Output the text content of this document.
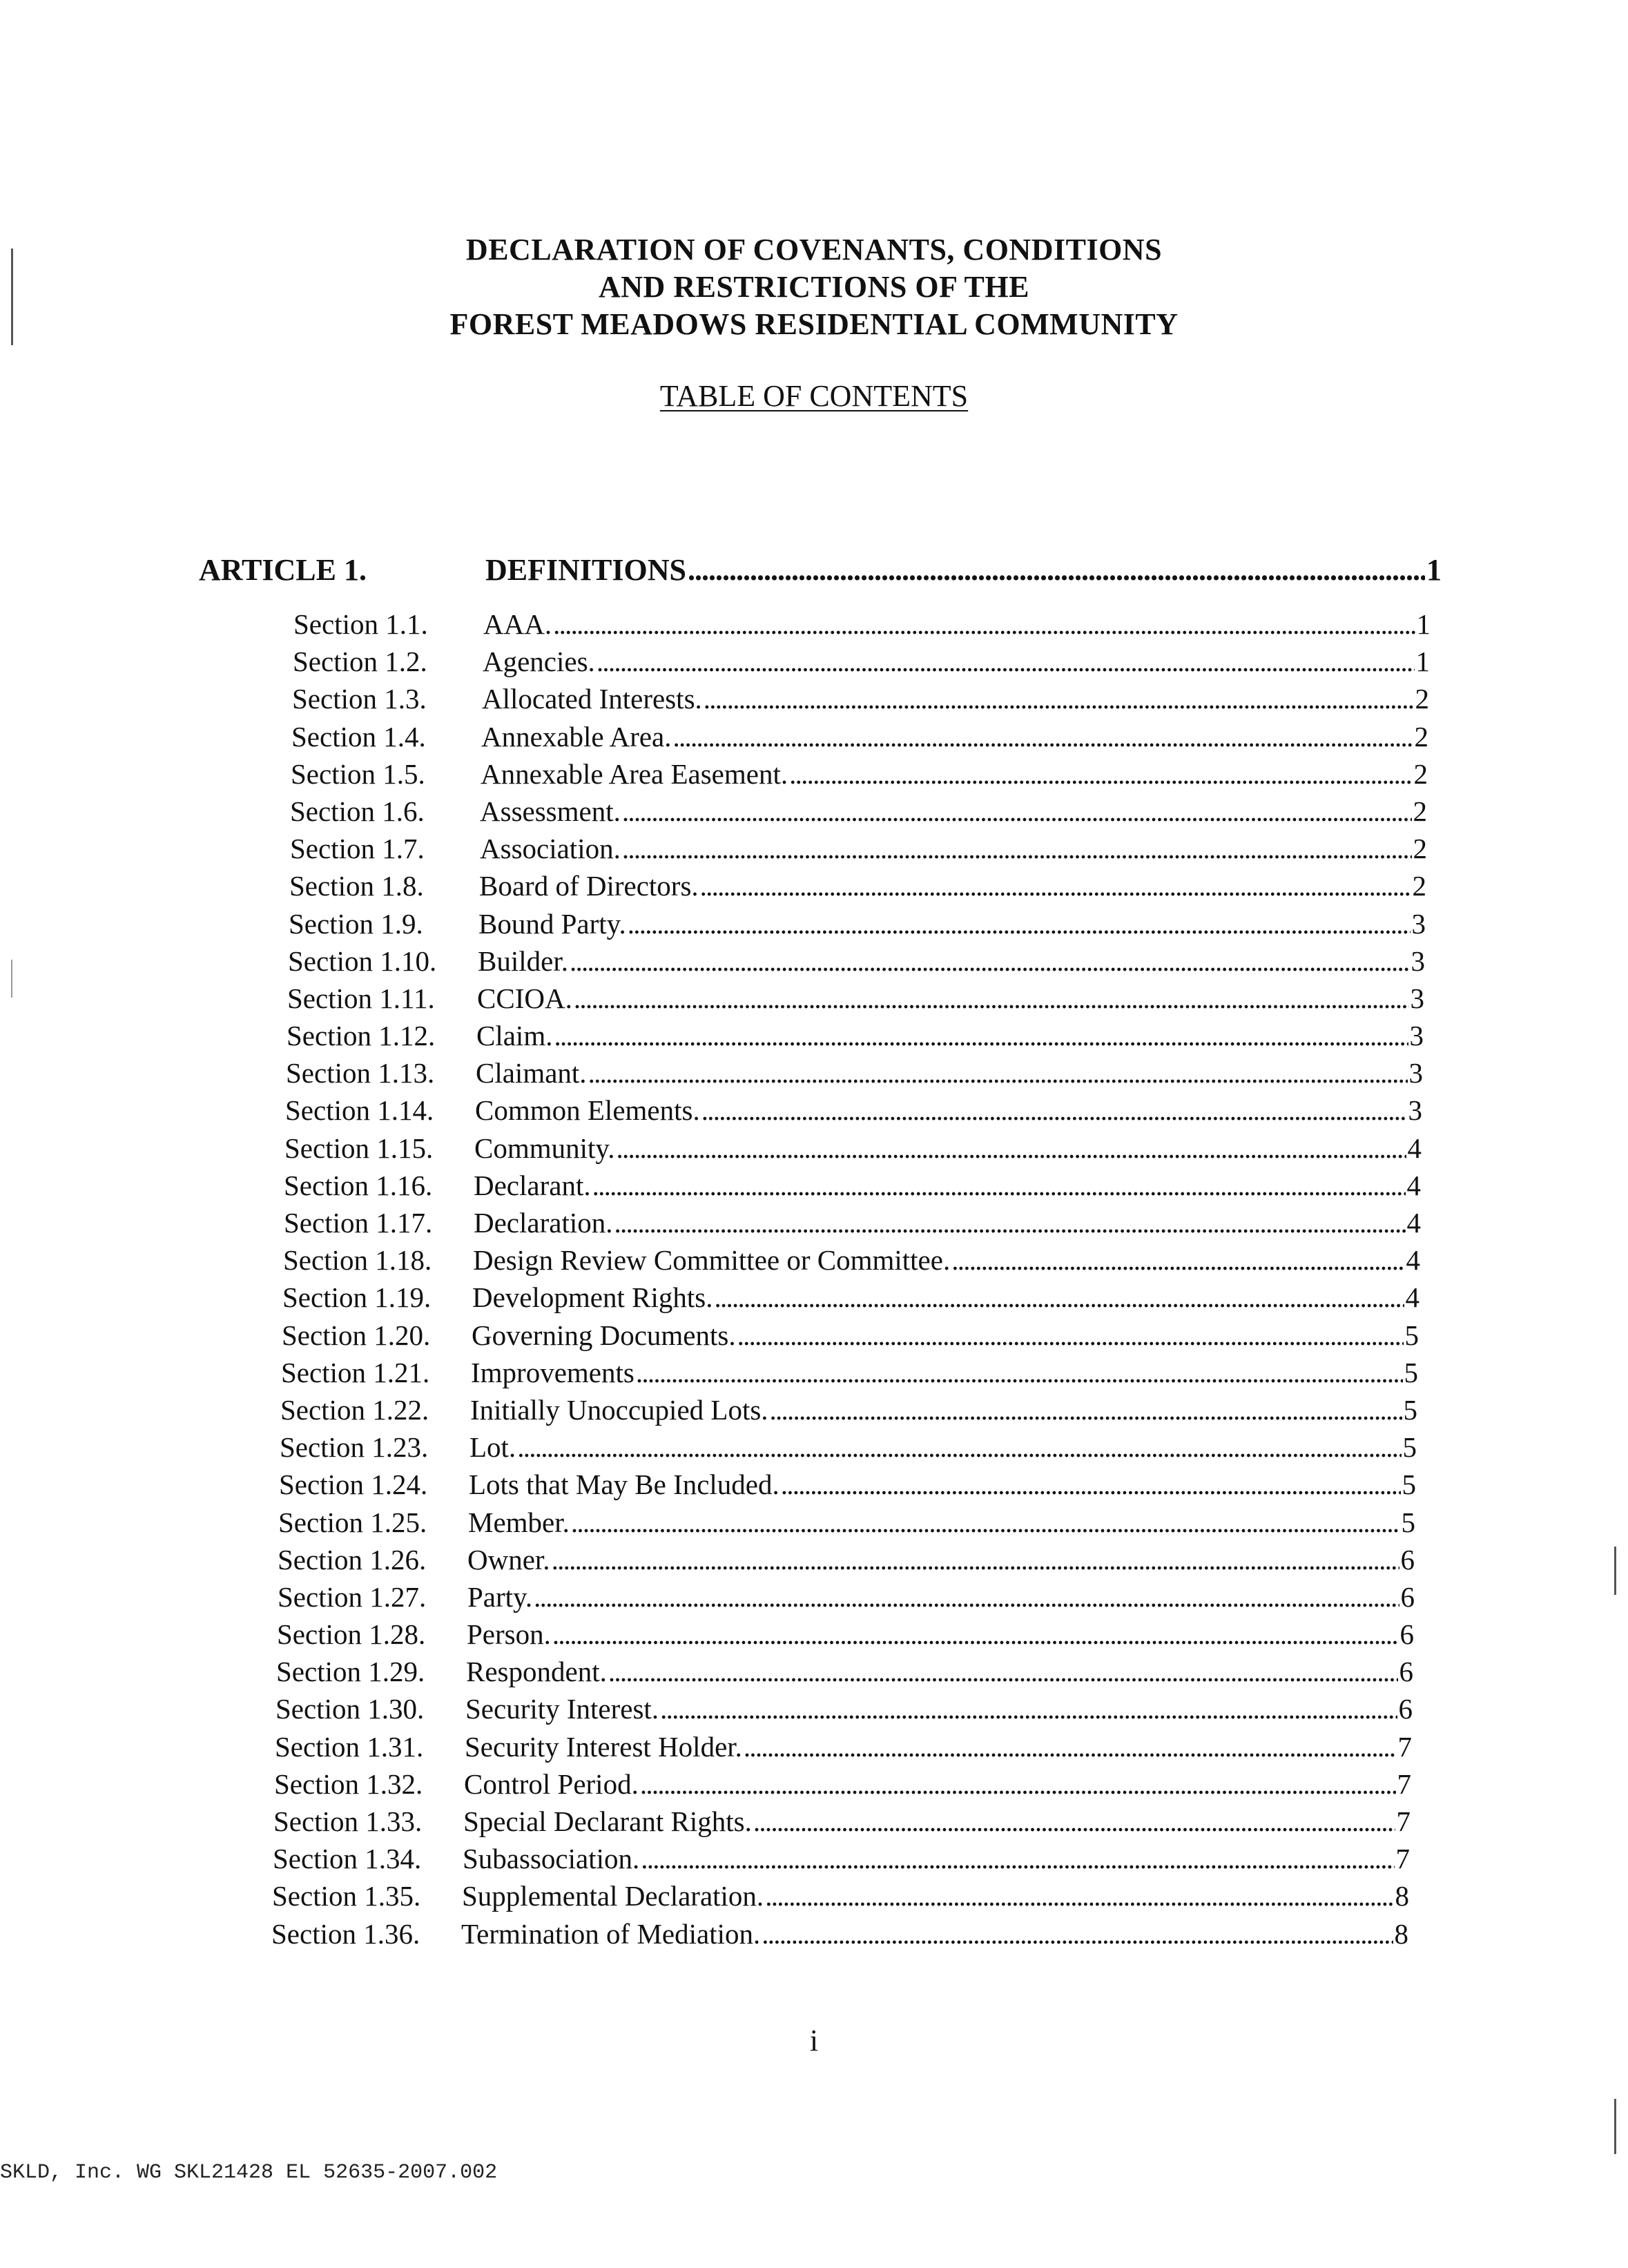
DECLARATION OF COVENANTS, CONDITIONS
AND RESTRICTIONS OF THE
FOREST MEADOWS RESIDENTIAL COMMUNITY
TABLE OF CONTENTS
ARTICLE 1.	DEFINITIONS . . .	1
Section 1.1. AAA. . . .	1
Section 1.2. Agencies. . . .	1
Section 1.3. Allocated Interests. . . .	2
Section 1.4. Annexable Area. . . .	2
Section 1.5. Annexable Area Easement. . . .	2
Section 1.6. Assessment. . . .	2
Section 1.7. Association. . . .	2
Section 1.8. Board of Directors. . . .	2
Section 1.9. Bound Party. . . .	3
Section 1.10. Builder. . . .	3
Section 1.11. CCIOA. . . .	3
Section 1.12. Claim. . . .	3
Section 1.13. Claimant. . . .	3
Section 1.14. Common Elements. . . .	3
Section 1.15. Community. . . .	4
Section 1.16. Declarant. . . .	4
Section 1.17. Declaration. . . .	4
Section 1.18. Design Review Committee or Committee. . . .	4
Section 1.19. Development Rights. . . .	4
Section 1.20. Governing Documents. . . .	5
Section 1.21. Improvements . . .	5
Section 1.22. Initially Unoccupied Lots. . . .	5
Section 1.23. Lot. . . .	5
Section 1.24. Lots that May Be Included. . . .	5
Section 1.25. Member. . . .	5
Section 1.26. Owner. . . .	6
Section 1.27. Party. . . .	6
Section 1.28. Person. . . .	6
Section 1.29. Respondent. . . .	6
Section 1.30. Security Interest. . . .	6
Section 1.31. Security Interest Holder. . . .	7
Section 1.32. Control Period. . . .	7
Section 1.33. Special Declarant Rights. . . .	7
Section 1.34. Subassociation. . . .	7
Section 1.35. Supplemental Declaration. . . .	8
Section 1.36. Termination of Mediation. . . .	8
i
SKLD, Inc. WG SKL21428 EL 52635-2007.002
